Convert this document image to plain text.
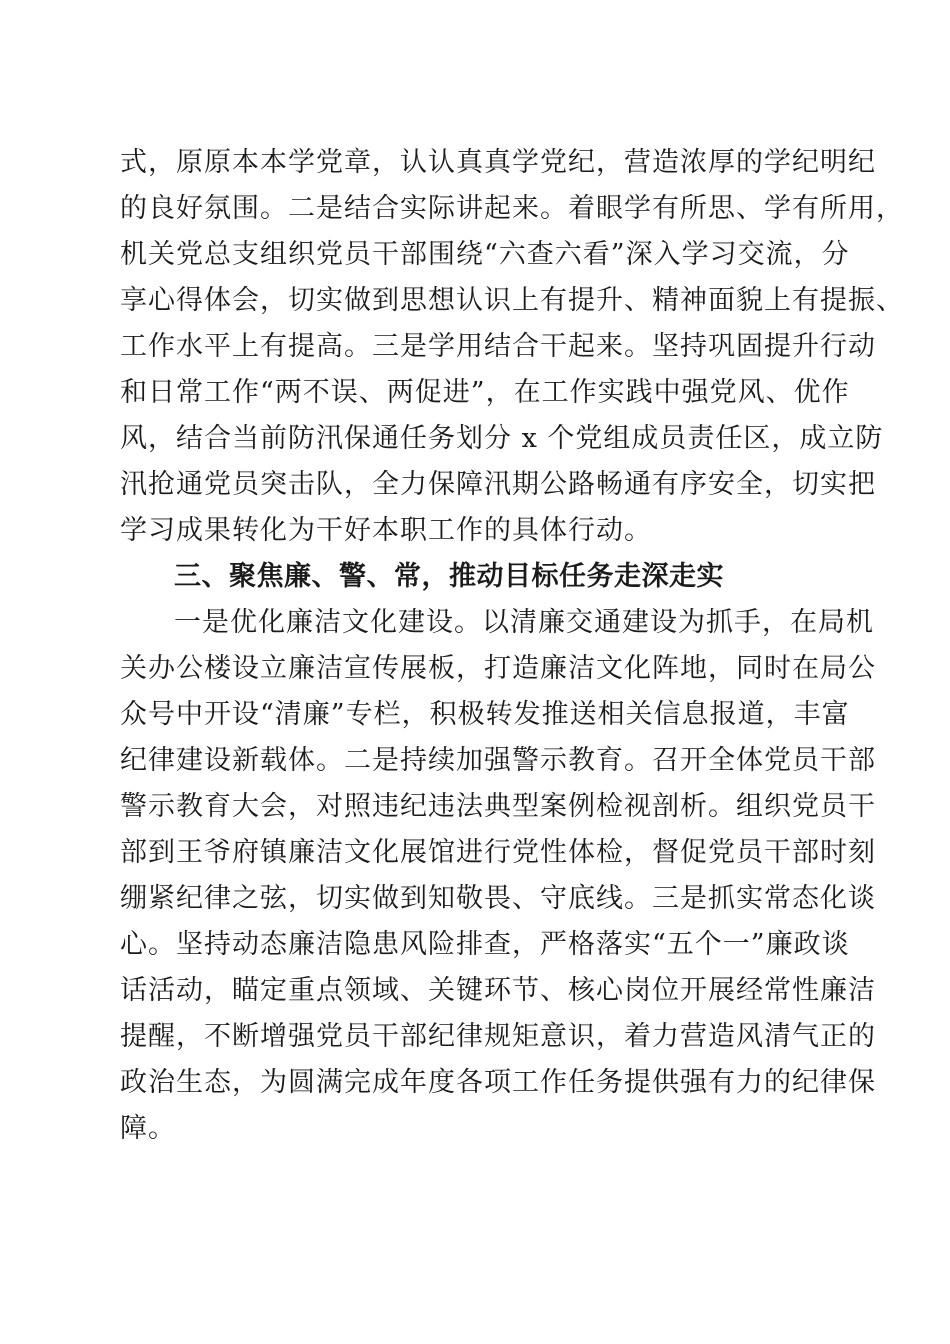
式，原原本本学党章，认认真真学党纪，营造浓厚的学纪明纪
的良好氛围。二是结合实际讲起来。着眼学有所思、学有所用，
机关党总支组织党员干部围绕“六查六看”深入学习交流，分
享心得体会，切实做到思想认识上有提升、精神面貌上有提振、
工作水平上有提高。三是学用结合干起来。坚持巩固提升行动
和日常工作“两不误、两促进”，在工作实践中强党风、优作
风，结合当前防汛保通任务划分 x 个党组成员责任区，成立防
汛抢通党员突击队，全力保障汛期公路畅通有序安全，切实把
学习成果转化为干好本职工作的具体行动。
三、聚焦廉、警、常，推动目标任务走深走实
一是优化廉洁文化建设。以清廉交通建设为抓手，在局机
关办公楼设立廉洁宣传展板，打造廉洁文化阵地，同时在局公
众号中开设“清廉”专栏，积极转发推送相关信息报道，丰富
纪律建设新载体。二是持续加强警示教育。召开全体党员干部
警示教育大会，对照违纪违法典型案例检视剖析。组织党员干
部到王爷府镇廉洁文化展馆进行党性体检，督促党员干部时刻
绷紧纪律之弦，切实做到知敬畏、守底线。三是抓实常态化谈
心。坚持动态廉洁隐患风险排查，严格落实“五个一”廉政谈
话活动，瞄定重点领域、关键环节、核心岗位开展经常性廉洁
提醒，不断增强党员干部纪律规矩意识，着力营造风清气正的
政治生态，为圆满完成年度各项工作任务提供强有力的纪律保
障。
